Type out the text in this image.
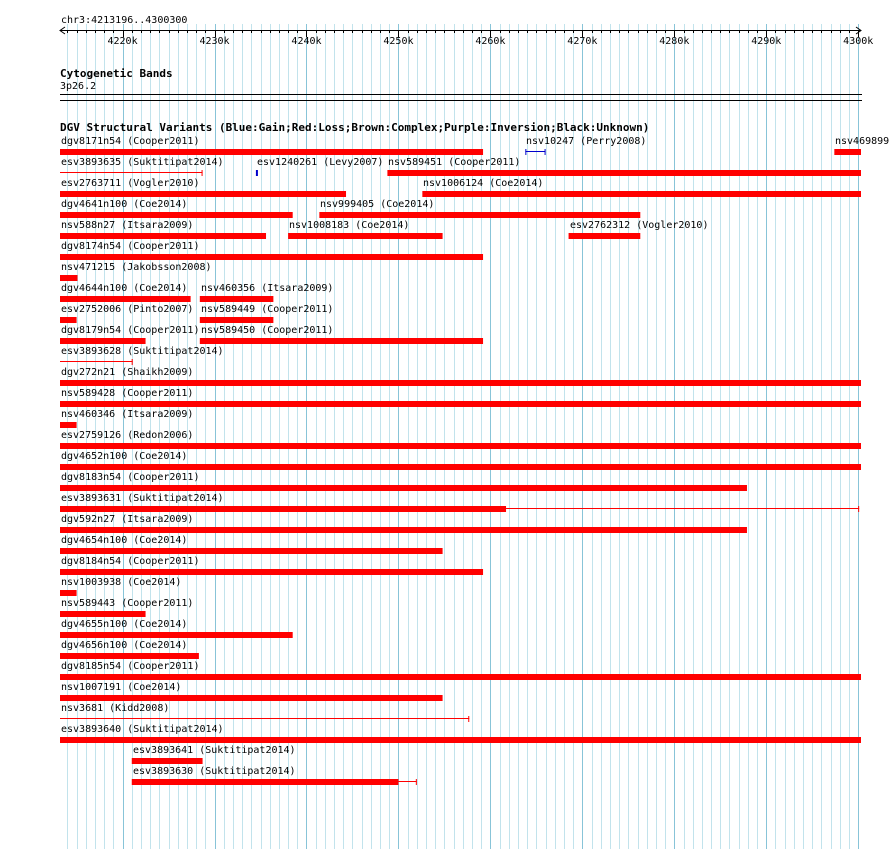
chr3:4213196..4300300
4220k	4230k	4240k	4250k	4260k	4270k	4280k	4290k	4300k
Cytogenetic Bands
3p26.2
DGV Structural Variants (Blue:Gain;Red:Loss;Brown:Complex;Purple:Inversion;Black:Unknown)
dgv8171n54 (Cooper2011)	nsv10247 (Perry2008)	nsv469899
esv3893635 (Suktitipat2014)	esv1240261 (Levy2007) nsv589451 (Cooper2011)
esv2763711 (Vogler2010)	nsv1006124 (Coe2014)
dgv4641n100 (Coe2014)	nsv999405 (Coe2014)
nsv588n27 (Itsara2009)	nsv1008183 (Coe2014)	esv2762312 (Vogler2010)
dgv8174n54 (Cooper2011)
nsv471215 (Jakobsson2008)
dgv4644n100 (Coe2014) nsv460356 (Itsara2009)
esv2752006 (Pinto2007) nsv589449 (Cooper2011)
dgv8179n54 (Cooper2011) nsv589450 (Cooper2011)
esv3893628 (Suktitipat2014)
dgv272n21 (Shaikh2009)
nsv589428 (Cooper2011)
nsv460346 (Itsara2009)
esv2759126 (Redon2006)
dgv4652n100 (Coe2014)
dgv8183n54 (Cooper2011)
esv3893631 (Suktitipat2014)
dgv592n27 (Itsara2009)
dgv4654n100 (Coe2014)
dgv8184n54 (Cooper2011)
nsv1003938 (Coe2014)
nsv589443 (Cooper2011)
dgv4655n100 (Coe2014)
dgv4656n100 (Coe2014)
dgv8185n54 (Cooper2011)
nsv1007191 (Coe2014)
nsv3681 (Kidd2008)
esv3893640 (Suktitipat2014)
esv3893641 (Suktitipat2014)
esv3893630 (Suktitipat2014)
